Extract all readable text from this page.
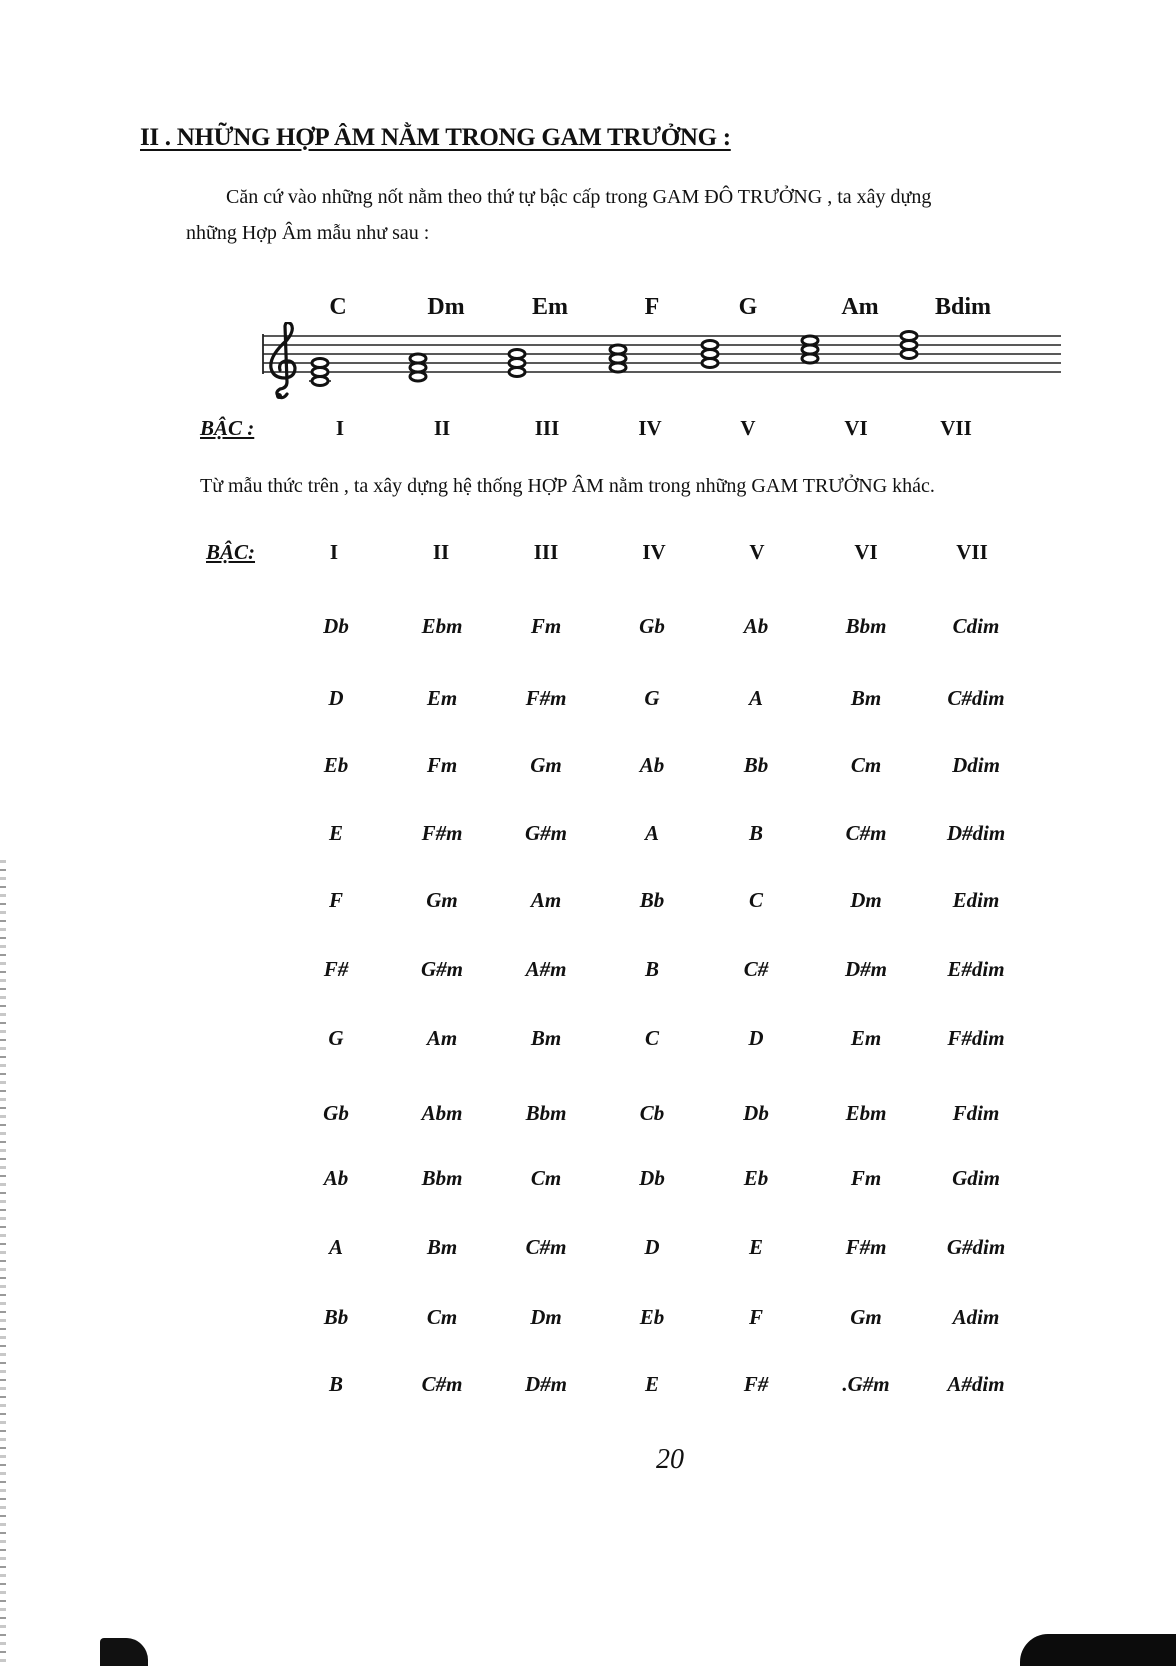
II . NHỮNG HỢP ÂM NẰM TRONG GAM TRƯỞNG :
Căn cứ vào những nốt nằm theo thứ tự bậc cấp trong GAM ĐÔ TRƯỞNG , ta xây dựng
những Hợp Âm mẫu như sau :
C	Dm	Em	F	G	Am	Bdim
BẬC :	I	II	III	IV	V	VI	VII
Từ mẫu thức trên , ta xây dựng hệ thống HỢP ÂM nằm trong những GAM TRƯỞNG khác.
BẬC:	I	II	III	IV	V	VI	VII
Db	Ebm	Fm	Gb	Ab	Bbm	Cdim
D	Em	F#m	G	A	Bm	C#dim
Eb	Fm	Gm	Ab	Bb	Cm	Ddim
E	F#m	G#m	A	B	C#m	D#dim
F	Gm	Am	Bb	C	Dm	Edim
F#	G#m	A#m	B	C#	D#m	E#dim
G	Am	Bm	C	D	Em	F#dim
Gb	Abm	Bbm	Cb	Db	Ebm	Fdim
Ab	Bbm	Cm	Db	Eb	Fm	Gdim
A	Bm	C#m	D	E	F#m	G#dim
Bb	Cm	Dm	Eb	F	Gm	Adim
B	C#m	D#m	E	F#	.G#m	A#dim
20
